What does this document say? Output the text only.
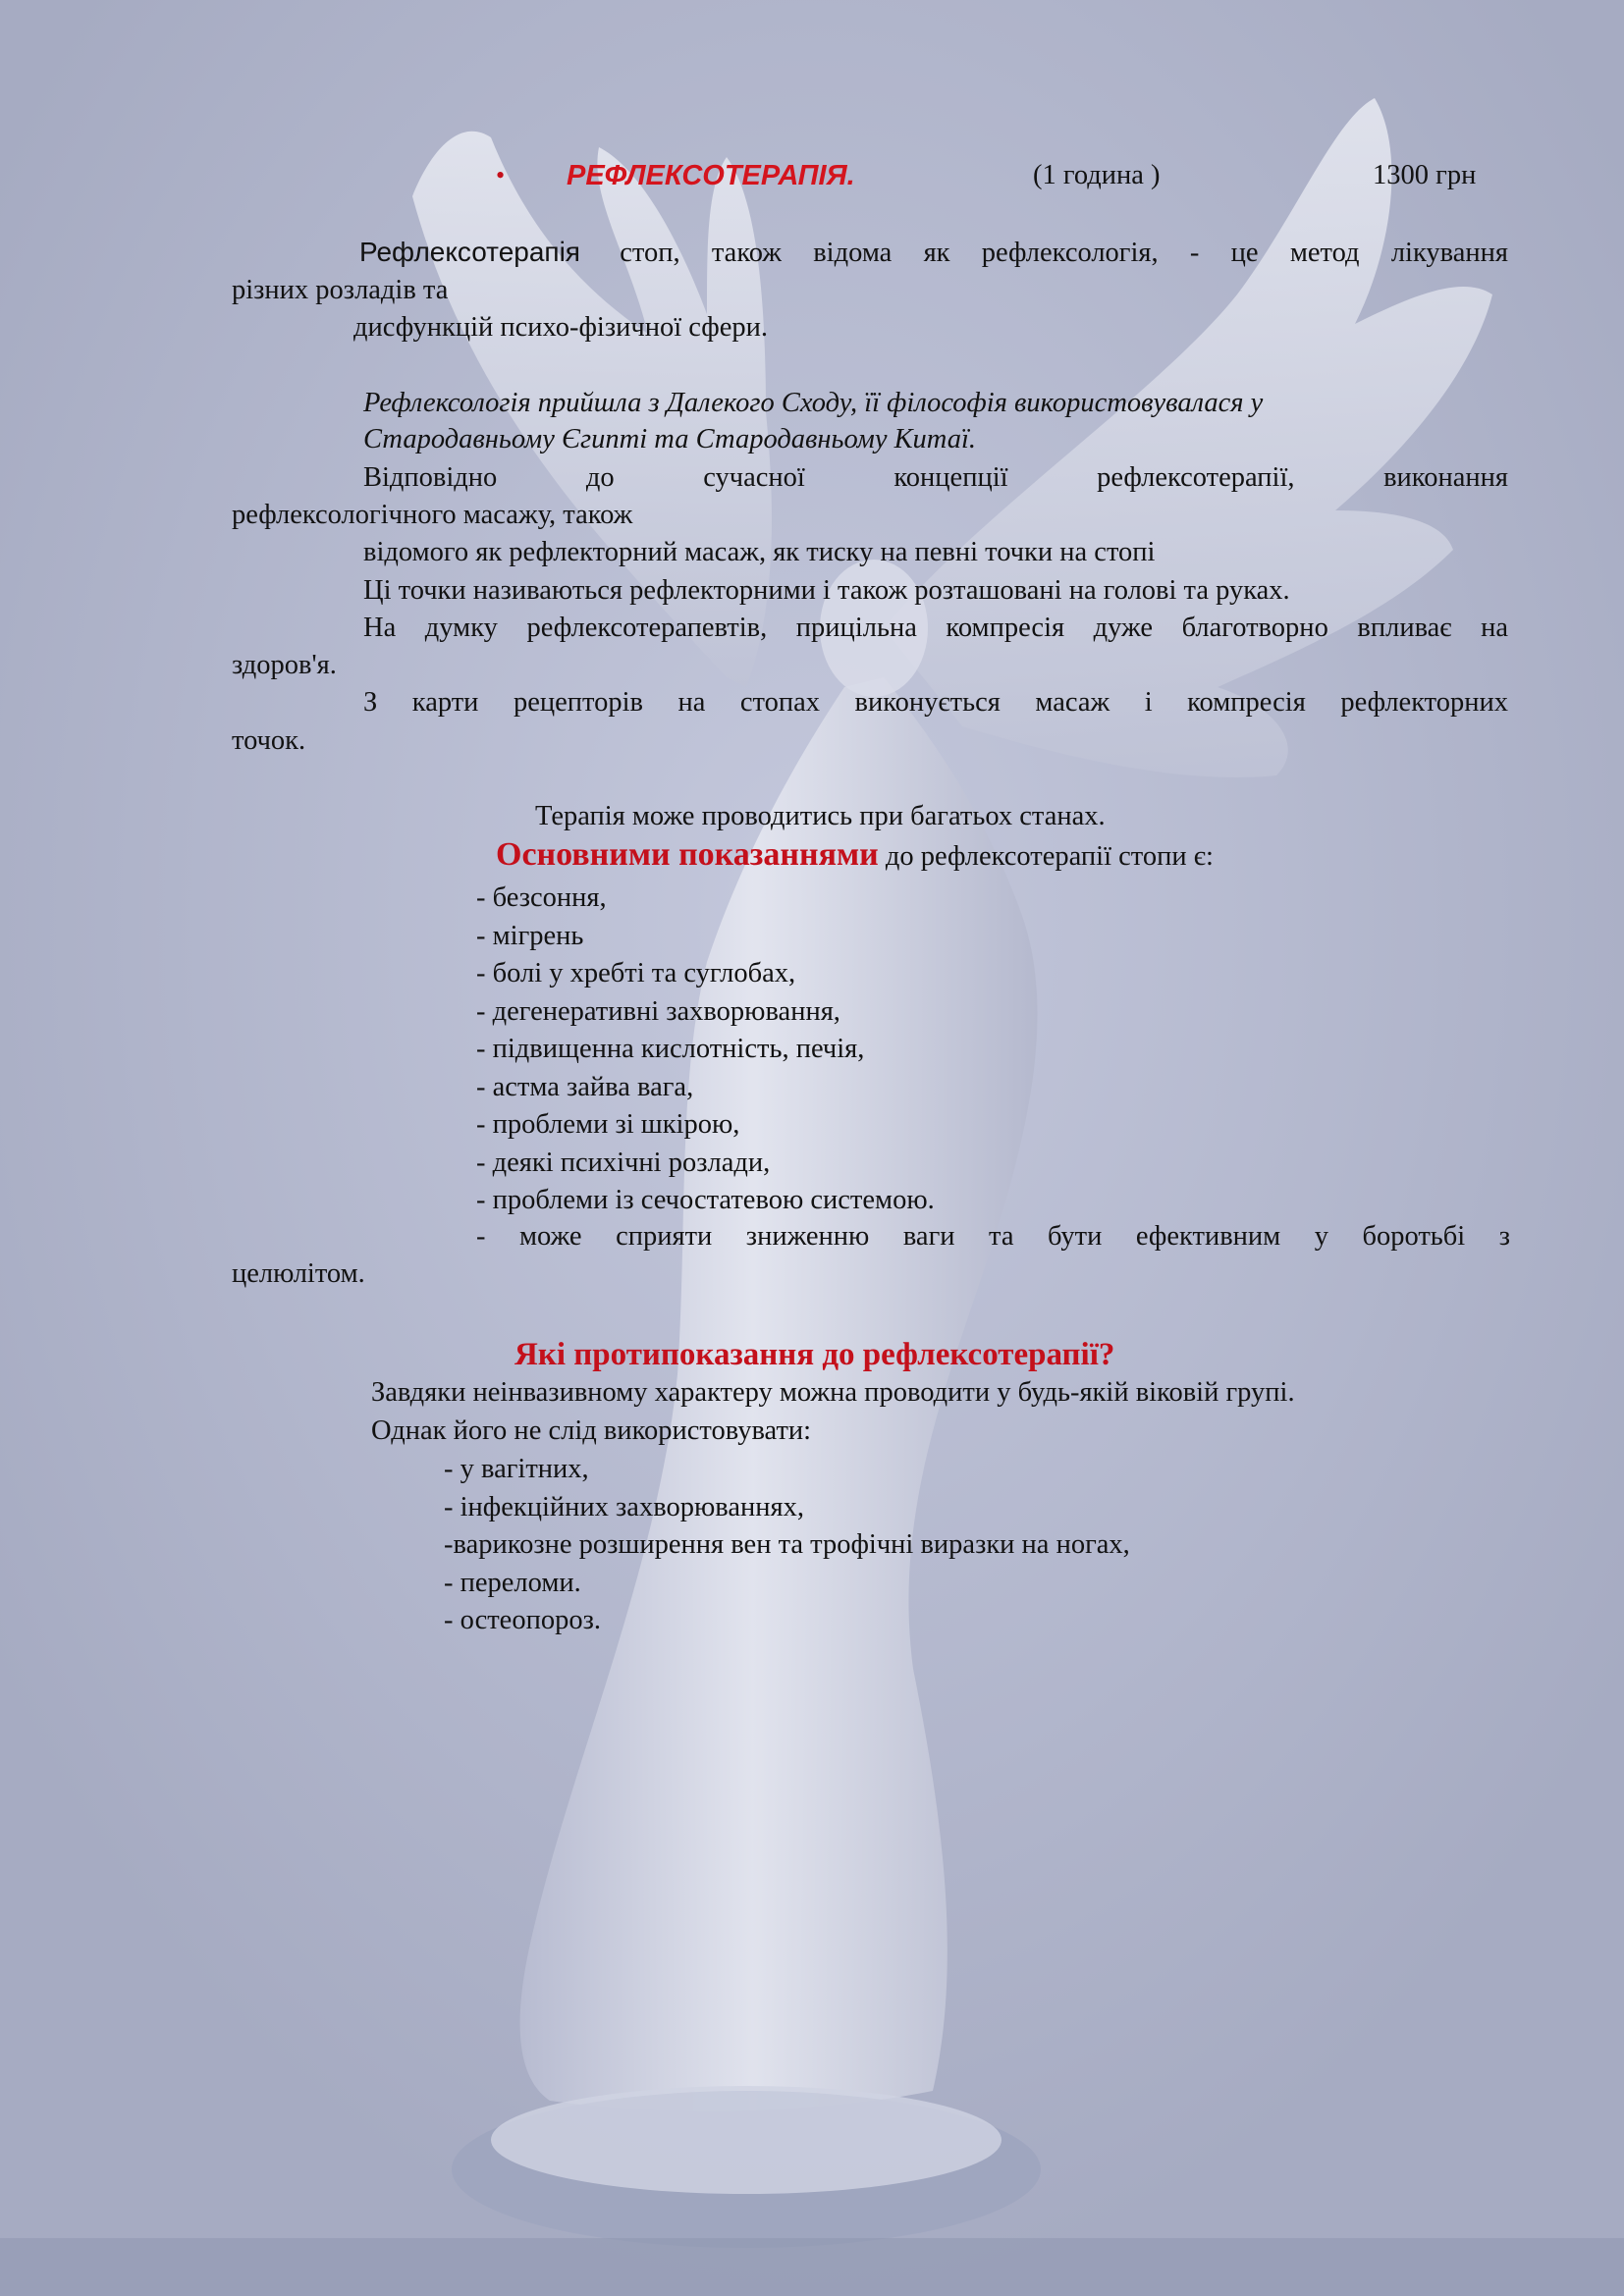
• РЕФЛЕКСОТЕРАПІЯ.	(1 година )	1300 грн
Рефлексотерапія стоп, також відома як рефлексологія, - це метод лікування

різних розладів та

дисфункцій психо-фізичної сфери.

Рефлексологія прийшла з Далекого Сходу, її філософія використовувалася у

Стародавньому Єгипті та Стародавньому Китаї.

Відповідно	до	сучасної	концепції	рефлексотерапії,	виконання

рефлексологічного масажу, також

відомого як рефлекторний масаж, як тиску на певні точки на стопі

Ці точки називаються рефлекторними і також розташовані на голові та руках.

На думку рефлексотерапевтів, прицільна компресія дуже благотворно впливає на

здоров'я.

З карти рецепторів на стопах виконується масаж і компресія рефлекторних

точок.

Терапія може проводитись при багатьох станах.

Основними показаннями до рефлексотерапії стопи є:
- безсоння,
- мігрень
- болі у хребті та суглобах,
- дегенеративні захворювання,
- підвищенна кислотність, печія,
- астма зайва вага,
- проблеми зі шкірою,
- деякі психічні розлади,
- проблеми із сечостатевою системою.

- може сприяти зниженню ваги та бути ефективним у боротьбі з

целюлітом.

Які протипоказання до рефлексотерапії?

Завдяки неінвазивному характеру можна проводити у будь-якій віковій групі.

Однак його не слід використовувати:

- у вагітних,
- інфекційних захворюваннях,
-варикозне розширення вен та трофічні виразки на ногах,
- переломи.
- остеопороз.
